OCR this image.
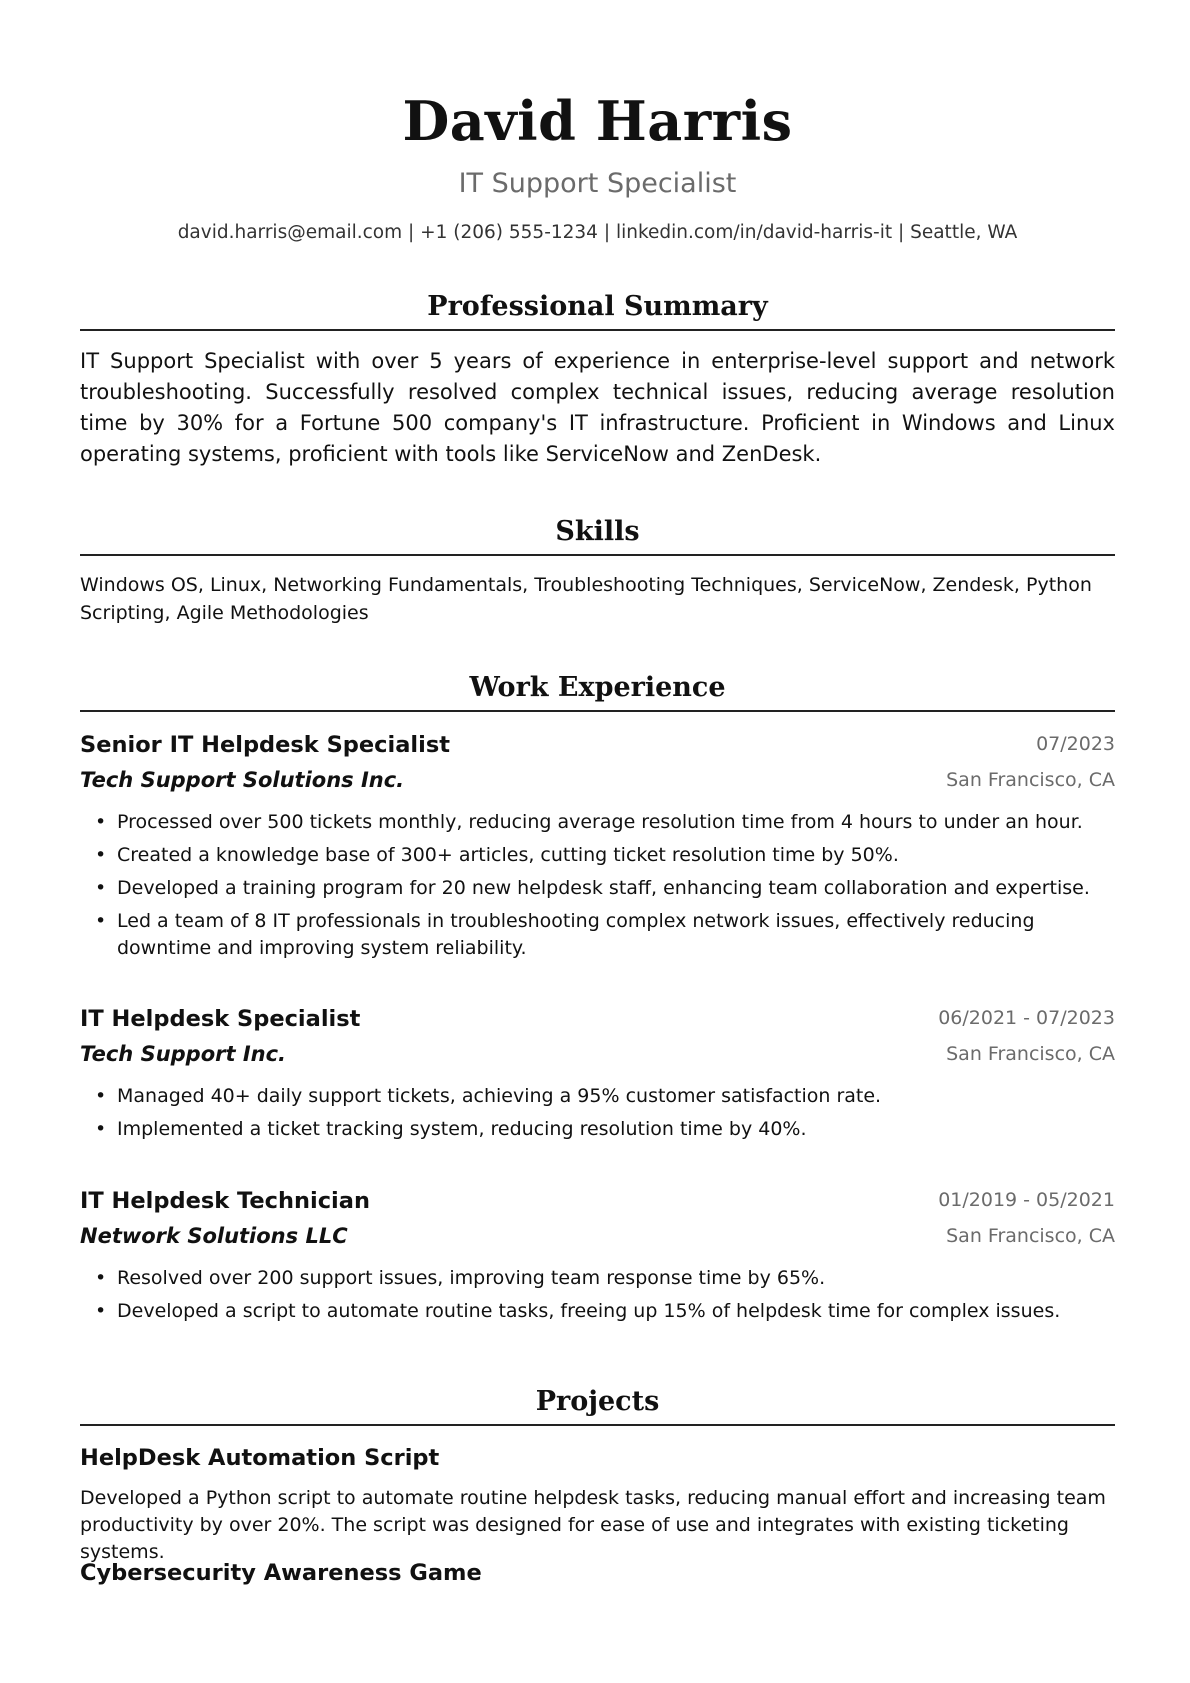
David Harris
IT Support Specialist
david.harris@email.com | +1 (206) 555-1234 | linkedin.com/in/david-harris-it | Seattle, WA
Professional Summary

IT Support Specialist with over 5 years of experience in enterprise-level support and network troubleshooting. Successfully resolved complex technical issues, reducing average resolution time by 30% for a Fortune 500 company's IT infrastructure. Proficient in Windows and Linux operating systems, proficient with tools like ServiceNow and ZenDesk.

Skills

Windows OS, Linux, Networking Fundamentals, Troubleshooting Techniques, ServiceNow, Zendesk, Python Scripting, Agile Methodologies

Work Experience
Senior IT Helpdesk Specialist	07/2023
Tech Support Solutions Inc.	San Francisco, CA
• Processed over 500 tickets monthly, reducing average resolution time from 4 hours to under an hour.
• Created a knowledge base of 300+ articles, cutting ticket resolution time by 50%.
• Developed a training program for 20 new helpdesk staff, enhancing team collaboration and expertise.
• Led a team of 8 IT professionals in troubleshooting complex network issues, effectively reducing downtime and improving system reliability.
IT Helpdesk Specialist	06/2021 - 07/2023
Tech Support Inc.	San Francisco, CA
• Managed 40+ daily support tickets, achieving a 95% customer satisfaction rate.
• Implemented a ticket tracking system, reducing resolution time by 40%.
IT Helpdesk Technician	01/2019 - 05/2021
Network Solutions LLC	San Francisco, CA
• Resolved over 200 support issues, improving team response time by 65%.
• Developed a script to automate routine tasks, freeing up 15% of helpdesk time for complex issues.
Projects
HelpDesk Automation Script

Developed a Python script to automate routine helpdesk tasks, reducing manual effort and increasing team productivity by over 20%. The script was designed for ease of use and integrates with existing ticketing systems.

Cybersecurity Awareness Game
